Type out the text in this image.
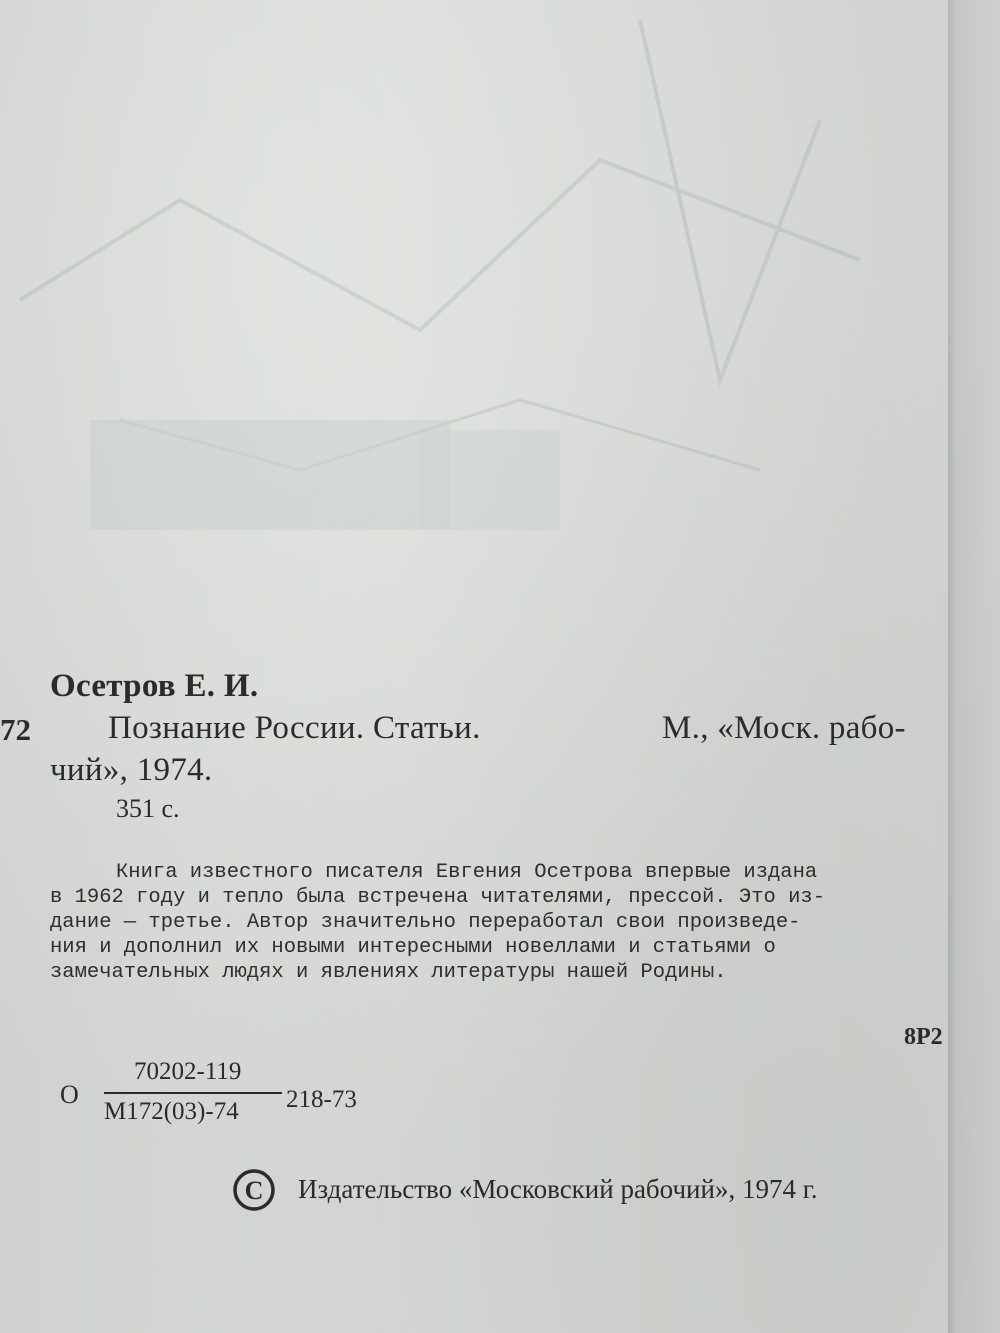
Осетров Е. И.
72 Познание России. Статьи.	М., «Моск. рабо-
чий», 1974.
351 с.
Книга известного писателя Евгения Осетрова впервые издана
в 1962 году и тепло была встречена читателями, прессой. Это из-
дание — третье. Автор значительно переработал свои произведе-
ния и дополнил их новыми интересными новеллами и статьями о
замечательных людях и явлениях литературы нашей Родины.
8Р2
О
70202-119
М172(03)-74 218-73
C Издательство «Московский рабочий», 1974 г.
